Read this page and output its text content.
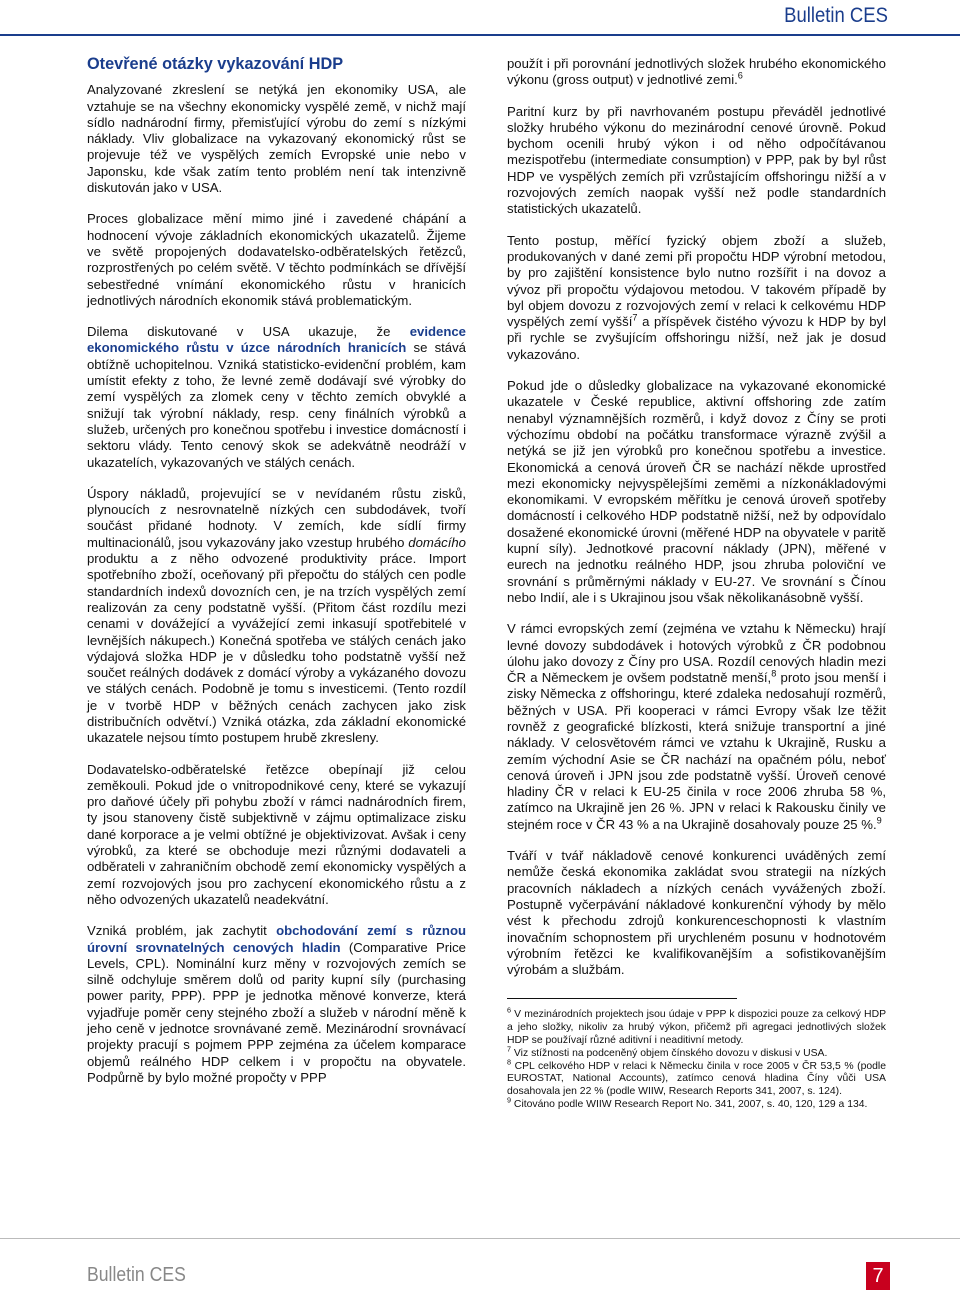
Bulletin CES
Otevřené otázky vykazování HDP

Analyzované zkreslení se netýká jen ekonomiky USA, ale vztahuje se na všechny ekonomicky vyspělé země, v nichž mají sídlo nadnárodní firmy, přemisťující výrobu do zemí s nízkými náklady. Vliv globalizace na vykazovaný ekonomický růst se projevuje též ve vyspělých zemích Evropské unie nebo v Japonsku, kde však zatím tento problém není tak intenzivně diskutován jako v USA.

Proces globalizace mění mimo jiné i zavedené chápání a hodnocení vývoje základních ekonomických ukazatelů. Žijeme ve světě propojených dodavatelsko-odběratelských řetězců, rozprostřených po celém světě. V těchto podmínkách se dřívější sebestředné vnímání ekonomického růstu v hranicích jednotlivých národních ekonomik stává problematickým.

Dilema diskutované v USA ukazuje, že evidence ekonomického růstu v úzce národních hranicích se stává obtížně uchopitelnou. Vzniká statisticko-evidenční problém, kam umístit efekty z toho, že levné země dodávají své výrobky do zemí vyspělých za zlomek ceny v těchto zemích obvyklé a snižují tak výrobní náklady, resp. ceny finálních výrobků a služeb, určených pro konečnou spotřebu i investice domácností i sektoru vlády. Tento cenový skok se adekvátně neodráží v ukazatelích, vykazovaných ve stálých cenách.

Úspory nákladů, projevující se v nevídaném růstu zisků, plynoucích z nesrovnatelně nízkých cen subdodávek, tvoří součást přidané hodnoty. V zemích, kde sídlí firmy multinacionálů, jsou vykazovány jako vzestup hrubého domácího produktu a z něho odvozené produktivity práce. Import spotřebního zboží, oceňovaný při přepočtu do stálých cen podle standardních indexů dovozních cen, je na trzích vyspělých zemí realizován za ceny podstatně vyšší. (Přitom část rozdílu mezi cenami v dovážející a vyvážející zemi inkasují spotřebitelé v levnějších nákupech.) Konečná spotřeba ve stálých cenách jako výdajová složka HDP je v důsledku toho podstatně vyšší než součet reálných dodávek z domácí výroby a vykázaného dovozu ve stálých cenách. Podobně je tomu s investicemi. (Tento rozdíl je v tvorbě HDP v běžných cenách zachycen jako zisk distribučních odvětví.) Vzniká otázka, zda základní ekonomické ukazatele nejsou tímto postupem hrubě zkresleny.

Dodavatelsko-odběratelské řetězce obepínají již celou zeměkouli. Pokud jde o vnitropodnikové ceny, které se vykazují pro daňové účely při pohybu zboží v rámci nadnárodních firem, ty jsou stanoveny čistě subjektivně v zájmu optimalizace zisku dané korporace a je velmi obtížné je objektivizovat. Avšak i ceny výrobků, za které se obchoduje mezi různými dodavateli a odběrateli v zahraničním obchodě zemí ekonomicky vyspělých a zemí rozvojových jsou pro zachycení ekonomického růstu a z něho odvozených ukazatelů neadekvátní.

Vzniká problém, jak zachytit obchodování zemí s různou úrovní srovnatelných cenových hladin (Comparative Price Levels, CPL). Nominální kurz měny v rozvojových zemích se silně odchyluje směrem dolů od parity kupní síly (purchasing power parity, PPP). PPP je jednotka měnové konverze, která vyjadřuje poměr ceny stejného zboží a služeb v národní měně k jeho ceně v jednotce srovnávané země. Mezinárodní srovnávací projekty pracují s pojmem PPP zejména za účelem komparace objemů reálného HDP celkem i v propočtu na obyvatele. Podpůrně by bylo možné propočty v PPP

použít i při porovnání jednotlivých složek hrubého ekonomického výkonu (gross output) v jednotlivé zemi.$^6$

Paritní kurz by při navrhovaném postupu převáděl jednotlivé složky hrubého výkonu do mezinárodní cenové úrovně. Pokud bychom ocenili hrubý výkon i od něho odpočítávanou mezispotřebu (intermediate consumption) v PPP, pak by byl růst HDP ve vyspělých zemích při vzrůstajícím offshoringu nižší a v rozvojových zemích naopak vyšší než podle standardních statistických ukazatelů.

Tento postup, měřící fyzický objem zboží a služeb, produkovaných v dané zemi při propočtu HDP výrobní metodou, by pro zajištění konsistence bylo nutno rozšířit i na dovoz a vývoz při propočtu výdajovou metodou. V takovém případě by byl objem dovozu z rozvojových zemí v relaci k celkovému HDP vyspělých zemí vyšší$^7$ a příspěvek čistého vývozu k HDP by byl při rychle se zvyšujícím offshoringu nižší, než jak je dosud vykazováno.

Pokud jde o důsledky globalizace na vykazované ekonomické ukazatele v České republice, aktivní offshoring zde zatím nenabyl významnějších rozměrů, i když dovoz z Číny se proti výchozímu období na počátku transformace výrazně zvýšil a netýká se již jen výrobků pro konečnou spotřebu a investice. Ekonomická a cenová úroveň ČR se nachází někde uprostřed mezi ekonomicky nejvyspělejšími zeměmi a nízkonákladovými ekonomikami. V evropském měřítku je cenová úroveň spotřeby domácností i celkového HDP podstatně nižší, než by odpovídalo dosažené ekonomické úrovni (měřené HDP na obyvatele v paritě kupní síly). Jednotkové pracovní náklady (JPN), měřené v eurech na jednotku reálného HDP, jsou zhruba poloviční ve srovnání s průměrnými náklady v EU-27. Ve srovnání s Čínou nebo Indií, ale i s Ukrajinou jsou však několikanásobně vyšší.

V rámci evropských zemí (zejména ve vztahu k Německu) hrají levné dovozy subdodávek i hotových výrobků z ČR podobnou úlohu jako dovozy z Číny pro USA. Rozdíl cenových hladin mezi ČR a Německem je ovšem podstatně menší,$^8$ proto jsou menší i zisky Německa z offshoringu, které zdaleka nedosahují rozměrů, běžných v USA. Při kooperaci v rámci Evropy však lze těžit rovněž z geografické blízkosti, která snižuje transportní a jiné náklady. V celosvětovém rámci ve vztahu k Ukrajině, Rusku a zemím východní Asie se ČR nachází na opačném pólu, neboť cenová úroveň i JPN jsou zde podstatně vyšší. Úroveň cenové hladiny ČR v relaci k EU-25 činila v roce 2006 zhruba 58 %, zatímco na Ukrajině jen 26 %. JPN v relaci k Rakousku činily ve stejném roce v ČR 43 % a na Ukrajině dosahovaly pouze 25 %.$^9$

Tváří v tvář nákladově cenové konkurenci uváděných zemí nemůže česká ekonomika zakládat svou strategii na nízkých pracovních nákladech a nízkých cenách vyvážených zboží. Postupně vyčerpávání nákladové konkurenční výhody by mělo vést k přechodu zdrojů konkurenceschopnosti k vlastním inovačním schopnostem při urychleném posunu v hodnotovém výrobním řetězci ke kvalifikovanějším a sofistikovanějším výrobám a službám.

$^6$ V mezinárodních projektech jsou údaje v PPP k dispozici pouze za celkový HDP a jeho složky, nikoliv za hrubý výkon, přičemž při agregaci jednotlivých složek HDP se používají různé aditivní i neaditivní metody.
$^7$ Viz stížnosti na podceněný objem čínského dovozu v diskusi v USA.
$^8$ CPL celkového HDP v relaci k Německu činila v roce 2005 v ČR 53,5 % (podle EUROSTAT, National Accounts), zatímco cenová hladina Číny vůči USA dosahovala jen 22 % (podle WIIW, Research Reports 341, 2007, s. 124).
$^9$ Citováno podle WIIW Research Report No. 341, 2007, s. 40, 120, 129 a 134.
Bulletin CES	7
